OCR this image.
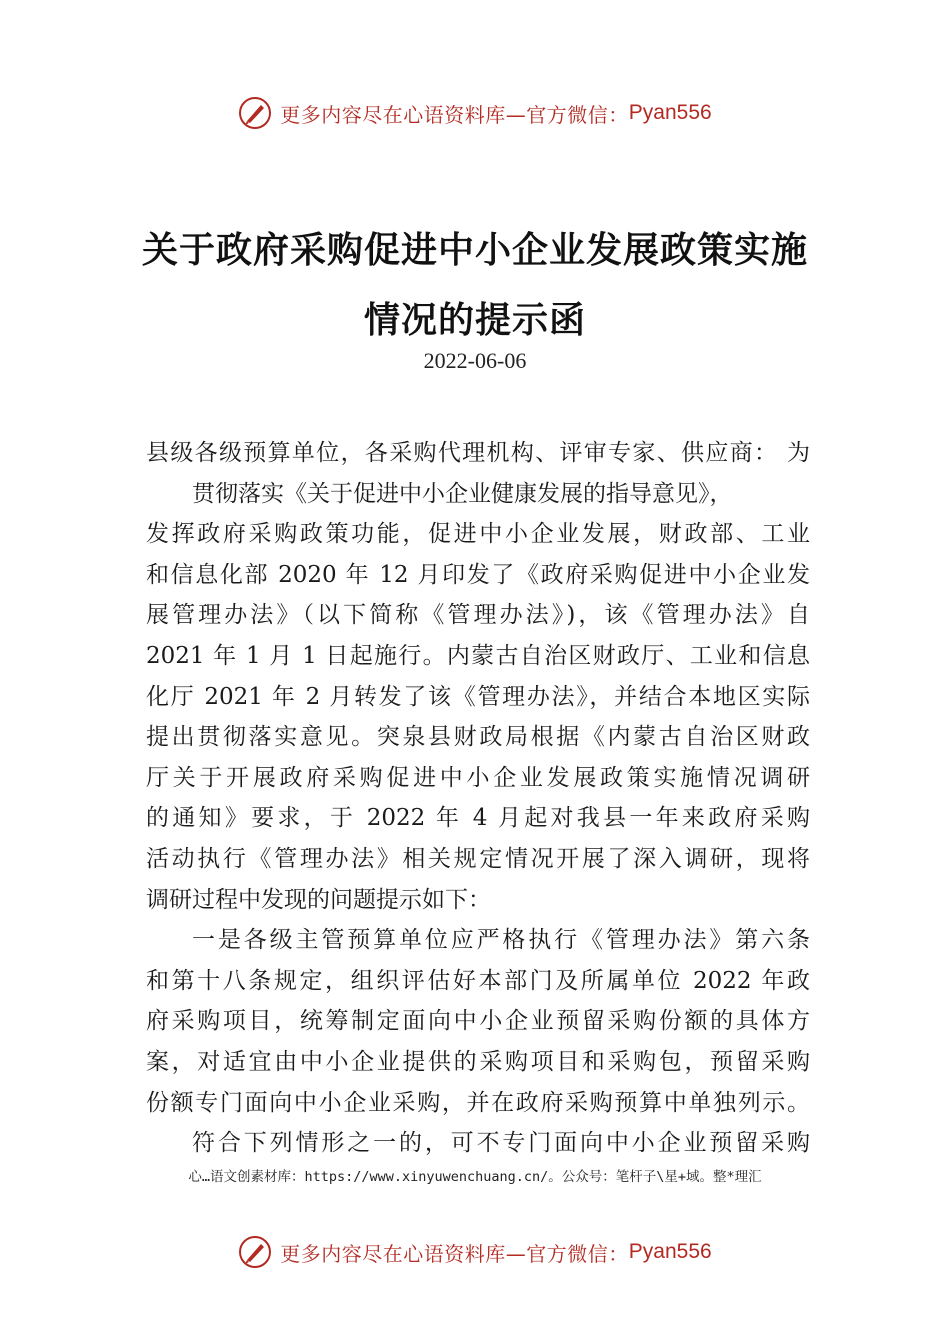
更多内容尽在心语资料库—官方微信： Pyan556
关于政府采购促进中小企业发展政策实施
情况的提示函
2022-06-06
县级各级预算单位，各采购代理机构、评审专家、供应商： 为
贯彻落实《关于促进中小企业健康发展的指导意见》，
发挥政府采购政策功能，促进中小企业发展，财政部、工业
和信息化部 2020 年 12 月印发了《政府采购促进中小企业发
展管理办法》（以下简称《管理办法》)，该《管理办法》自
2021 年 1 月 1 日起施行。内蒙古自治区财政厅、工业和信息
化厅 2021 年 2 月转发了该《管理办法》，并结合本地区实际
提出贯彻落实意见。突泉县财政局根据《内蒙古自治区财政
厅关于开展政府采购促进中小企业发展政策实施情况调研
的通知》要求，于 2022 年 4 月起对我县一年来政府采购
活动执行《管理办法》相关规定情况开展了深入调研，现将
调研过程中发现的问题提示如下：
一是各级主管预算单位应严格执行《管理办法》第六条
和第十八条规定，组织评估好本部门及所属单位 2022 年政
府采购项目，统筹制定面向中小企业预留采购份额的具体方
案，对适宜由中小企业提供的采购项目和采购包，预留采购
份额专门面向中小企业采购，并在政府采购预算中单独列示。
符合下列情形之一的，可不专门面向中小企业预留采购
心…语文创素材库：https://www.xinyuwenchuang.cn/。公众号：笔杆子\星+域。整*理汇
更多内容尽在心语资料库—官方微信： Pyan556
